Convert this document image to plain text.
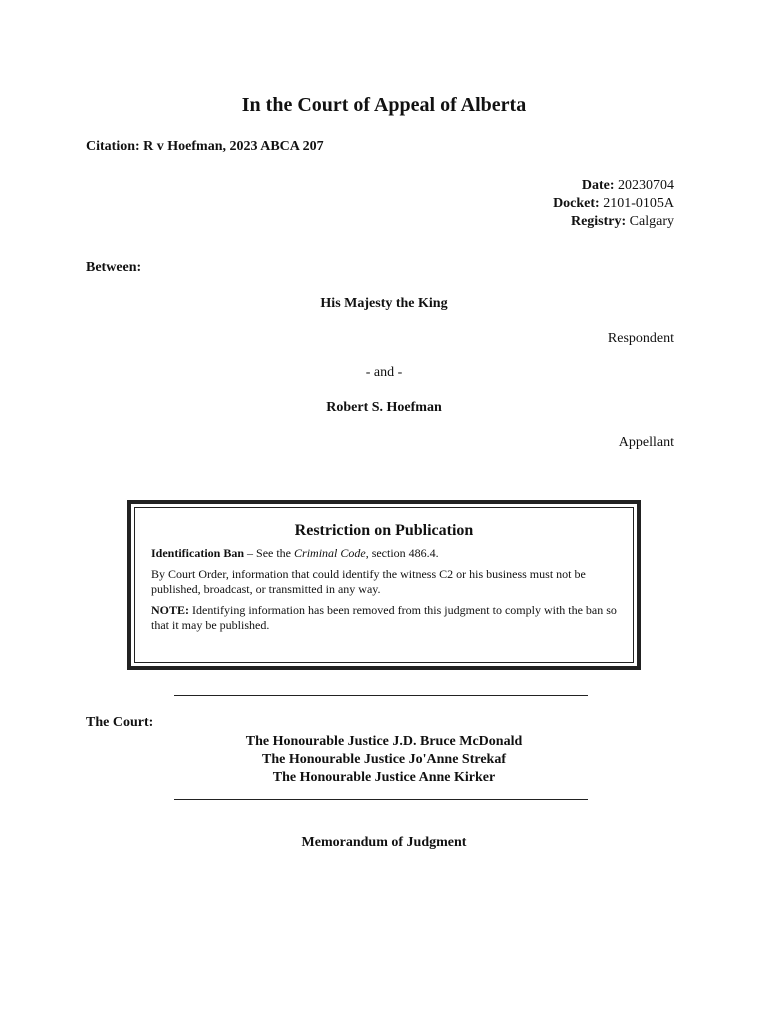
In the Court of Appeal of Alberta
Citation: R v Hoefman, 2023 ABCA 207
Date: 20230704
Docket: 2101-0105A
Registry: Calgary
Between:
His Majesty the King
Respondent
- and -
Robert S. Hoefman
Appellant
Restriction on Publication
Identification Ban – See the Criminal Code, section 486.4.
By Court Order, information that could identify the witness C2 or his business must not be published, broadcast, or transmitted in any way.
NOTE: Identifying information has been removed from this judgment to comply with the ban so that it may be published.
The Court:
The Honourable Justice J.D. Bruce McDonald
The Honourable Justice Jo'Anne Strekaf
The Honourable Justice Anne Kirker
Memorandum of Judgment
